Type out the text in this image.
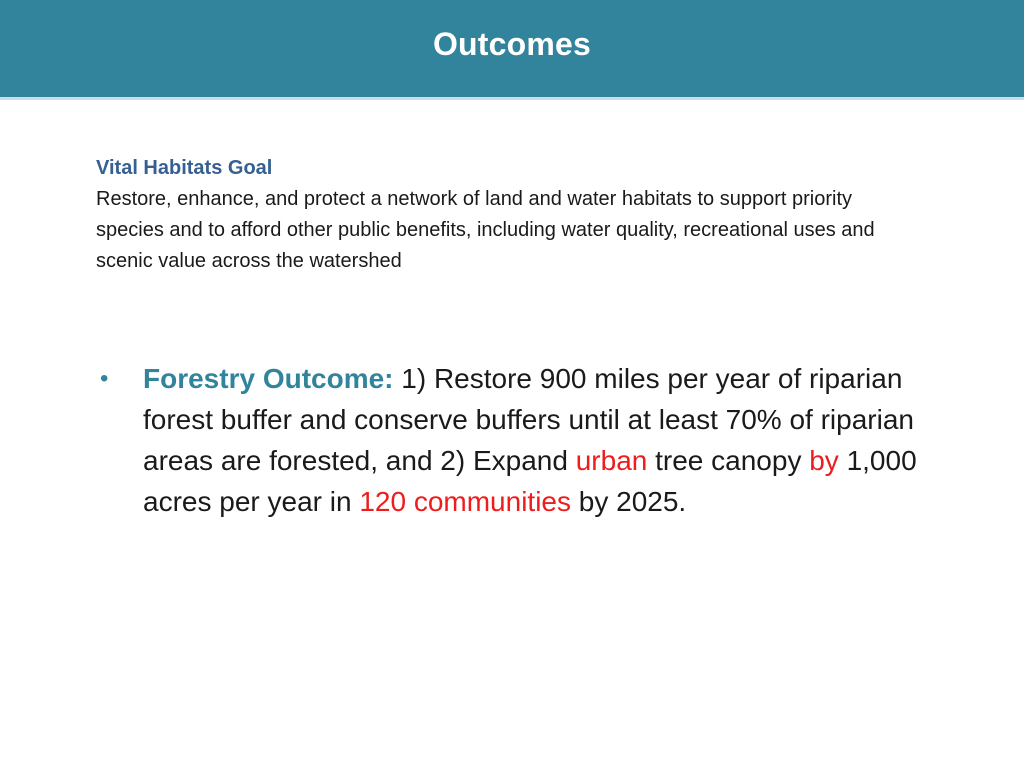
Outcomes
Vital Habitats Goal
Restore, enhance, and protect a network of land and water habitats to support priority species and to afford other public benefits, including water quality, recreational uses and scenic value across the watershed
• Forestry Outcome: 1) Restore 900 miles per year of riparian forest buffer and conserve buffers until at least 70% of riparian areas are forested, and 2) Expand urban tree canopy by 1,000 acres per year in 120 communities by 2025.
